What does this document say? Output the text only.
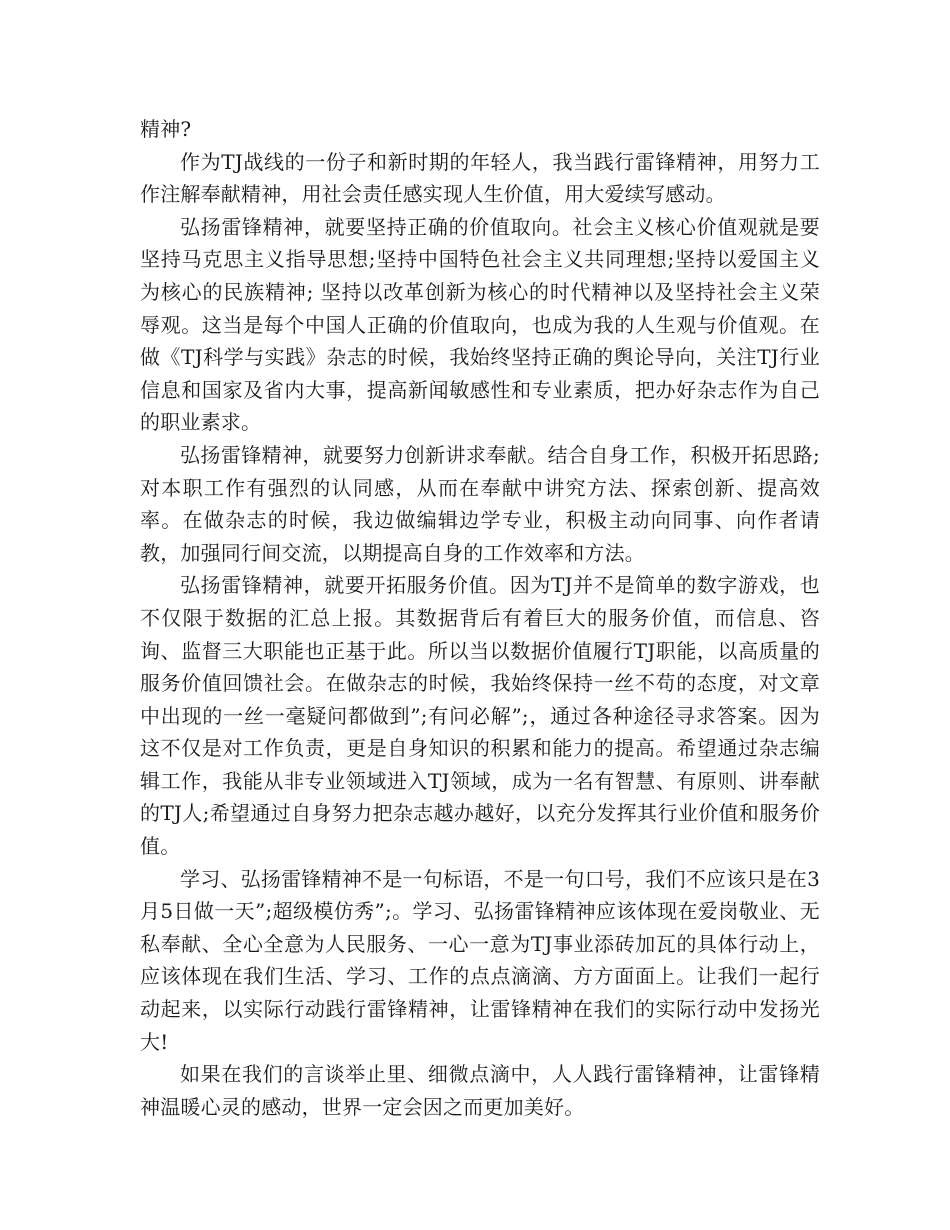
精神?

作为TJ战线的一份子和新时期的年轻人，我当践行雷锋精神，用努力工作注解奉献精神，用社会责任感实现人生价值，用大爱续写感动。

弘扬雷锋精神，就要坚持正确的价值取向。社会主义核心价值观就是要坚持马克思主义指导思想;坚持中国特色社会主义共同理想;坚持以爱国主义为核心的民族精神; 坚持以改革创新为核心的时代精神以及坚持社会主义荣辱观。这当是每个中国人正确的价值取向，也成为我的人生观与价值观。在做《TJ科学与实践》杂志的时候，我始终坚持正确的舆论导向，关注TJ行业信息和国家及省内大事，提高新闻敏感性和专业素质，把办好杂志作为自己的职业素求。

弘扬雷锋精神，就要努力创新讲求奉献。结合自身工作，积极开拓思路;对本职工作有强烈的认同感，从而在奉献中讲究方法、探索创新、提高效率。在做杂志的时候，我边做编辑边学专业，积极主动向同事、向作者请教，加强同行间交流，以期提高自身的工作效率和方法。

弘扬雷锋精神，就要开拓服务价值。因为TJ并不是简单的数字游戏，也不仅限于数据的汇总上报。其数据背后有着巨大的服务价值，而信息、咨询、监督三大职能也正基于此。所以当以数据价值履行TJ职能，以高质量的服务价值回馈社会。在做杂志的时候，我始终保持一丝不苟的态度，对文章中出现的一丝一毫疑问都做到”;有问必解”;，通过各种途径寻求答案。因为这不仅是对工作负责，更是自身知识的积累和能力的提高。希望通过杂志编辑工作，我能从非专业领域进入TJ领域，成为一名有智慧、有原则、讲奉献的TJ人;希望通过自身努力把杂志越办越好，以充分发挥其行业价值和服务价值。

学习、弘扬雷锋精神不是一句标语，不是一句口号，我们不应该只是在3月5日做一天”;超级模仿秀”;。学习、弘扬雷锋精神应该体现在爱岗敬业、无私奉献、全心全意为人民服务、一心一意为TJ事业添砖加瓦的具体行动上，应该体现在我们生活、学习、工作的点点滴滴、方方面面上。让我们一起行动起来，以实际行动践行雷锋精神，让雷锋精神在我们的实际行动中发扬光大!

如果在我们的言谈举止里、细微点滴中，人人践行雷锋精神，让雷锋精神温暖心灵的感动，世界一定会因之而更加美好。
